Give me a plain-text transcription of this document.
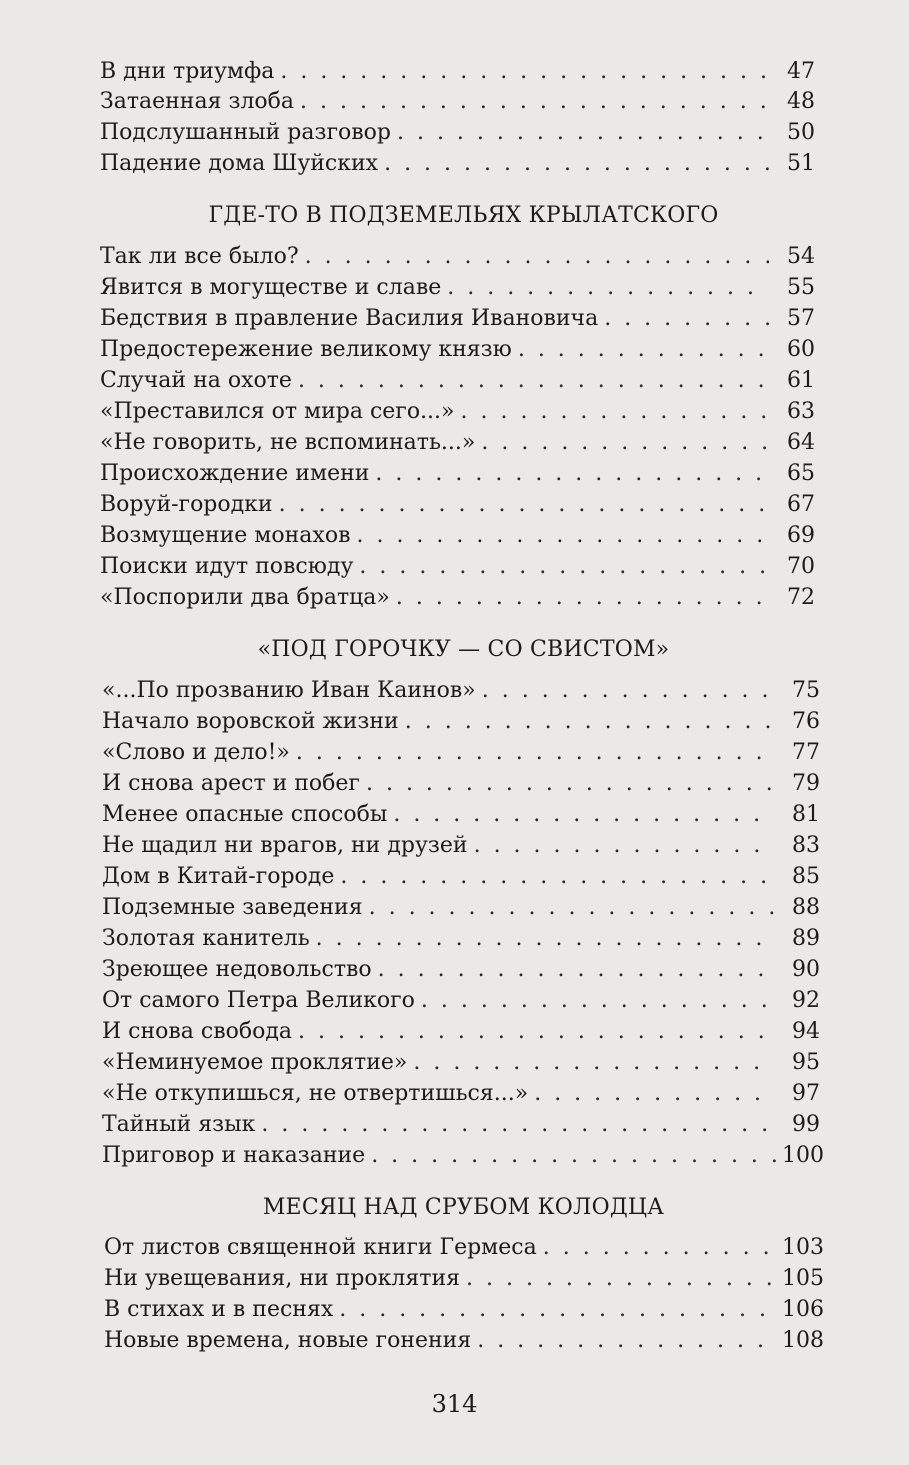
В дни триумфа . . .	47
Затаенная злоба . . .	48
Подслушанный разговор . . .	50
Падение дома Шуйских . . .	51
ГДЕ-ТО В ПОДЗЕМЕЛЬЯХ КРЫЛАТСКОГО
Так ли все было? . . .	54
Явится в могуществе и славе . . .	55
Бедствия в правление Василия Ивановича . . .	57
Предостережение великому князю . . .	60
Случай на охоте . . .	61
«Преставился от мира сего...» . . .	63
«Не говорить, не вспоминать...» . . .	64
Происхождение имени . . .	65
Воруй-городки . . .	67
Возмущение монахов . . .	69
Поиски идут повсюду . . .	70
«Поспорили два братца» . . .	72
«ПОД ГОРОЧКУ — СО СВИСТОМ»
«...По прозванию Иван Каинов» . . .	75
Начало воровской жизни . . .	76
«Слово и дело!» . . .	77
И снова арест и побег . . .	79
Менее опасные способы . . .	81
Не щадил ни врагов, ни друзей . . .	83
Дом в Китай-городе . . .	85
Подземные заведения . . .	88
Золотая канитель . . .	89
Зреющее недовольство . . .	90
От самого Петра Великого . . .	92
И снова свобода . . .	94
«Неминуемое проклятие» . . .	95
«Не откупишься, не отвертишься...» . . .	97
Тайный язык . . .	99
Приговор и наказание . . .	100
МЕСЯЦ НАД СРУБОМ КОЛОДЦА
От листов священной книги Гермеса . . .	103
Ни увещевания, ни проклятия . . .	105
В стихах и в песнях . . .	106
Новые времена, новые гонения . . .	108
314
